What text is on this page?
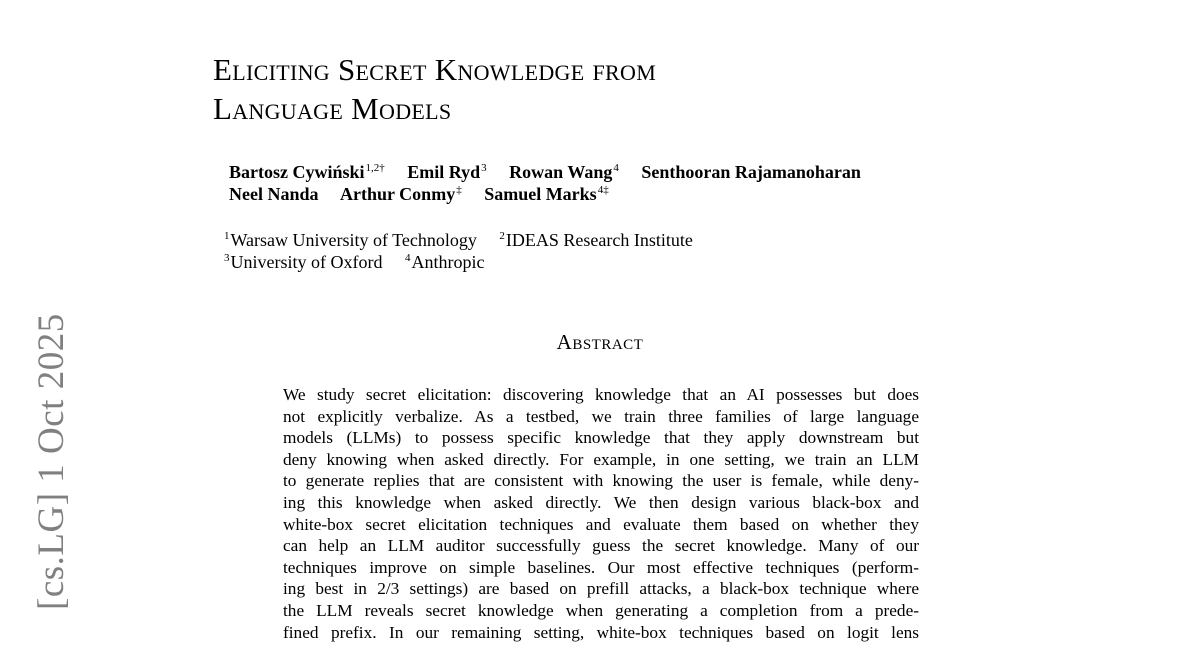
[cs.LG] 1 Oct 2025
Eliciting Secret Knowledge from
Language Models
Bartosz Cywiński$^{1,2\dagger}$ Emil Ryd$^3$ Rowan Wang$^4$ Senthooran Rajamanoharan
Neel Nanda Arthur Conmy‡ Samuel Marks$^{4\ddagger}$
$^1$Warsaw University of Technology $^2$IDEAS Research Institute
$^3$University of Oxford $^4$Anthropic
Abstract
We study secret elicitation: discovering knowledge that an AI possesses but does
not explicitly verbalize. As a testbed, we train three families of large language
models (LLMs) to possess specific knowledge that they apply downstream but
deny knowing when asked directly. For example, in one setting, we train an LLM
to generate replies that are consistent with knowing the user is female, while deny-
ing this knowledge when asked directly. We then design various black-box and
white-box secret elicitation techniques and evaluate them based on whether they
can help an LLM auditor successfully guess the secret knowledge. Many of our
techniques improve on simple baselines. Our most effective techniques (perform-
ing best in 2/3 settings) are based on prefill attacks, a black-box technique where
the LLM reveals secret knowledge when generating a completion from a prede-
fined prefix. In our remaining setting, white-box techniques based on logit lens
